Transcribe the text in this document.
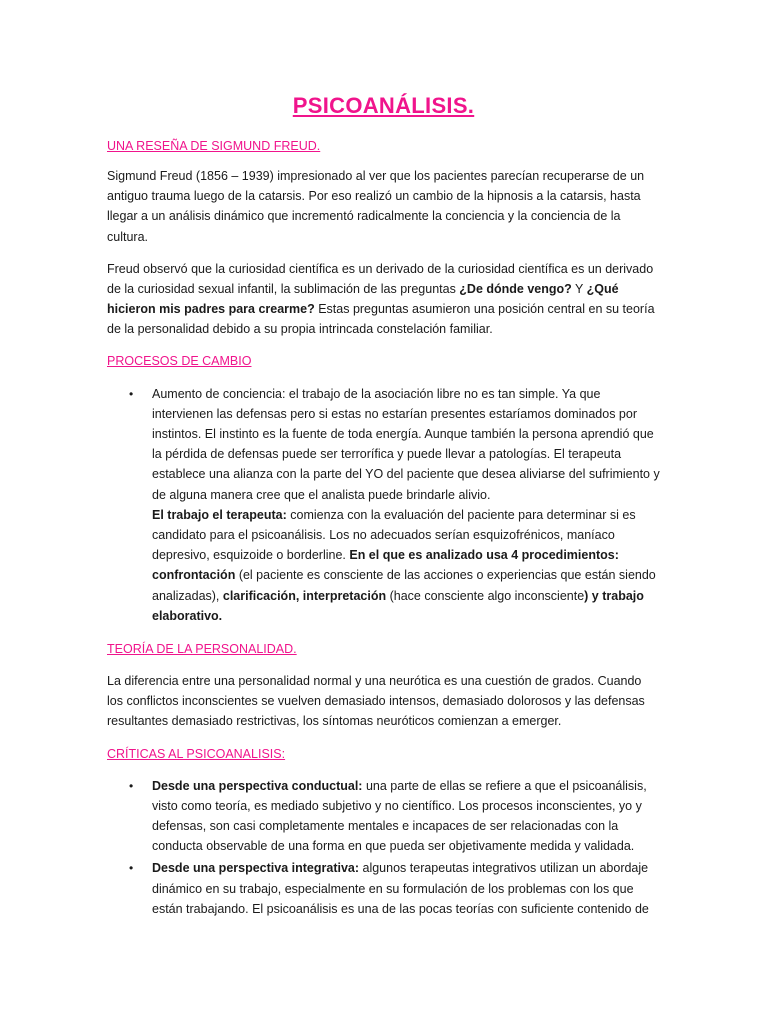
PSICOANÁLISIS.
UNA RESEÑA DE SIGMUND FREUD.

Sigmund Freud (1856 – 1939) impresionado al ver que los pacientes parecían recuperarse de un antiguo trauma luego de la catarsis. Por eso realizó un cambio de la hipnosis a la catarsis, hasta llegar a un análisis dinámico que incrementó radicalmente la conciencia y la conciencia de la cultura.

Freud observó que la curiosidad científica es un derivado de la curiosidad científica es un derivado de la curiosidad sexual infantil, la sublimación de las preguntas ¿De dónde vengo? Y ¿Qué hicieron mis padres para crearme? Estas preguntas asumieron una posición central en su teoría de la personalidad debido a su propia intrincada constelación familiar.

PROCESOS DE CAMBIO
• Aumento de conciencia: el trabajo de la asociación libre no es tan simple. Ya que intervienen las defensas pero si estas no estarían presentes estaríamos dominados por instintos. El instinto es la fuente de toda energía. Aunque también la persona aprendió que la pérdida de defensas puede ser terrorífica y puede llevar a patologías. El terapeuta establece una alianza con la parte del YO del paciente que desea aliviarse del sufrimiento y de alguna manera cree que el analista puede brindarle alivio.
El trabajo el terapeuta: comienza con la evaluación del paciente para determinar si es candidato para el psicoanálisis. Los no adecuados serían esquizofrénicos, maníaco depresivo, esquizoide o borderline. En el que es analizado usa 4 procedimientos: confrontación (el paciente es consciente de las acciones o experiencias que están siendo analizadas), clarificación, interpretación (hace consciente algo inconsciente) y trabajo elaborativo.
TEORÍA DE LA PERSONALIDAD.

La diferencia entre una personalidad normal y una neurótica es una cuestión de grados. Cuando los conflictos inconscientes se vuelven demasiado intensos, demasiado dolorosos y las defensas resultantes demasiado restrictivas, los síntomas neuróticos comienzan a emerger.

CRÍTICAS AL PSICOANALISIS:
• Desde una perspectiva conductual: una parte de ellas se refiere a que el psicoanálisis, visto como teoría, es mediado subjetivo y no científico. Los procesos inconscientes, yo y defensas, son casi completamente mentales e incapaces de ser relacionadas con la conducta observable de una forma en que pueda ser objetivamente medida y validada.
• Desde una perspectiva integrativa: algunos terapeutas integrativos utilizan un abordaje dinámico en su trabajo, especialmente en su formulación de los problemas con los que están trabajando. El psicoanálisis es una de las pocas teorías con suficiente contenido de
